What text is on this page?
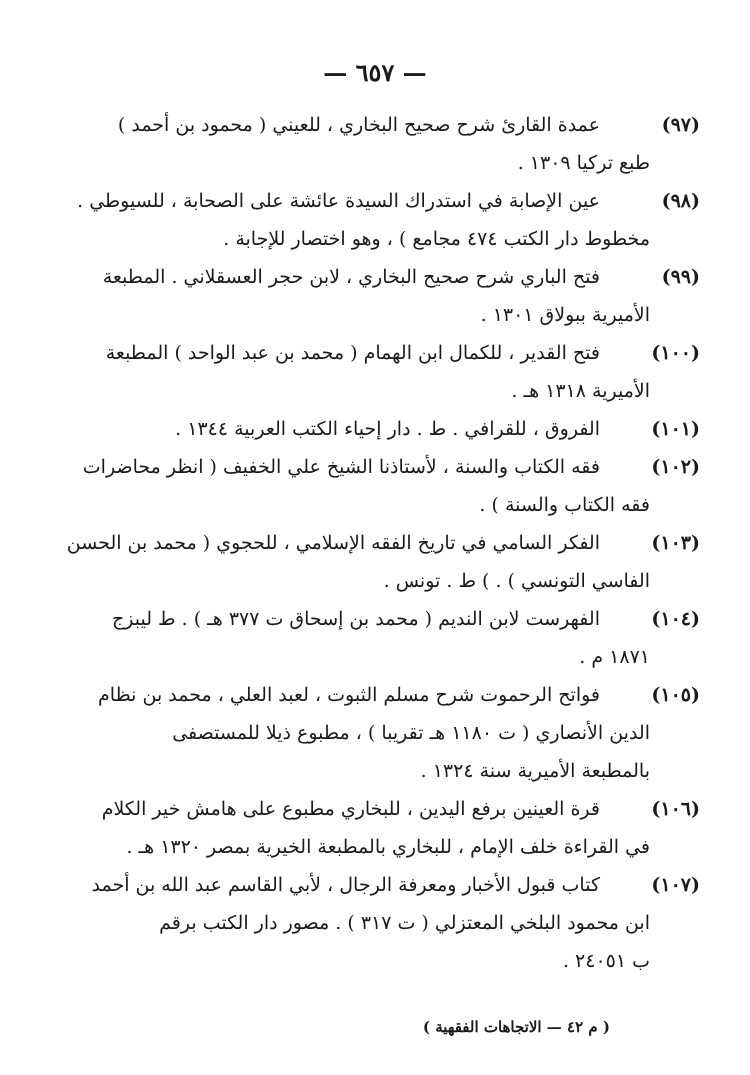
— ٦٥٧ —
(٩٧)
عمدة القارئ شرح صحيح البخاري ، للعيني ( محمود بن أحمد )
طبع تركيا ١٣٠٩ .
(٩٨)
عين الإصابة في استدراك السيدة عائشة على الصحابة ، للسيوطي .
مخطوط دار الكتب ٤٧٤ مجامع ) ، وهو اختصار للإجابة .
(٩٩)
فتح الباري شرح صحيح البخاري ، لابن حجر العسقلاني . المطبعة
الأميرية ببولاق ١٣٠١ .
(١٠٠)
فتح القدير ، للكمال ابن الهمام ( محمد بن عبد الواحد ) المطبعة
الأميرية ١٣١٨ هـ .
(١٠١)
الفروق ، للقرافي . ط . دار إحياء الكتب العربية ١٣٤٤ .
(١٠٢)
فقه الكتاب والسنة ، لأستاذنا الشيخ علي الخفيف ( انظر محاضرات
فقه الكتاب والسنة ) .
(١٠٣)
الفكر السامي في تاريخ الفقه الإسلامي ، للحجوي ( محمد بن الحسن
الفاسي التونسي ) . ) ط . تونس .
(١٠٤)
الفهرست لابن النديم ( محمد بن إسحاق ت ٣٧٧ هـ ) . ط ليبزج
١٨٧١ م .
(١٠٥)
فواتح الرحموت شرح مسلم الثبوت ، لعبد العلي ، محمد بن نظام
الدين الأنصاري ( ت ١١٨٠ هـ تقريبا ) ، مطبوع ذيلا للمستصفى
بالمطبعة الأميرية سنة ١٣٢٤ .
(١٠٦)
قرة العينين برفع اليدين ، للبخاري مطبوع على هامش خير الكلام
في القراءة خلف الإمام ، للبخاري بالمطبعة الخيرية بمصر ١٣٢٠ هـ .
(١٠٧)
كتاب قبول الأخبار ومعرفة الرجال ، لأبي القاسم عبد الله بن أحمد
ابن محمود البلخي المعتزلي ( ت ٣١٧ ) . مصور دار الكتب برقم
ب ٢٤٠٥١ .
( م ٤٢ — الاتجاهات الفقهية )
